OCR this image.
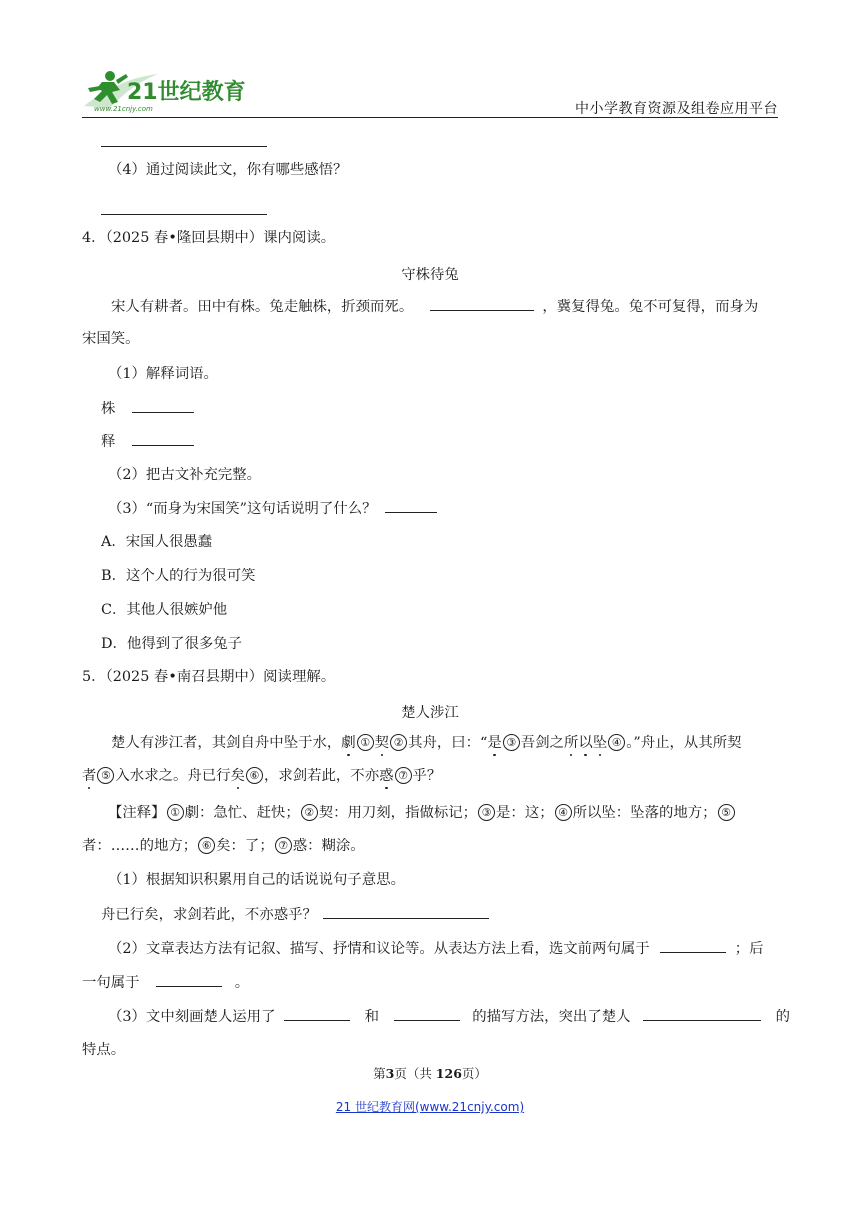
21世纪教育
www.21cnjy.com	中小学教育资源及组卷应用平台
（4）通过阅读此文，你有哪些感悟？
4．（2025 春•隆回县期中）课内阅读。
守株待兔
宋人有耕者。田中有株。兔走触株，折颈而死。	，冀复得兔。兔不可复得，而身为
宋国笑。
（1）解释词语。
株
释
（2）把古文补充完整。
（3）“而身为宋国笑”这句话说明了什么？
A．宋国人很愚蠢
B．这个人的行为很可笑
C．其他人很嫉妒他
D．他得到了很多兔子
5．（2025 春•南召县期中）阅读理解。
楚人涉江
楚人有涉江者，其剑自舟中坠于水，劇 ① 契 ② 其舟，曰：“是 ③ 吾剑之所以坠 ④ 。”舟止，从其所契
者 ⑤ 入水求之。舟已行矣 ⑥ ，求剑若此，不亦惑 ⑦ 乎？
【注释】 ① 劇：急忙、赶快； ② 契：用刀刻，指做标记； ③ 是：这； ④ 所以坠：坠落的地方； ⑤
者：……的地方； ⑥ 矣：了； ⑦ 惑：糊涂。
（1）根据知识积累用自己的话说说句子意思。
舟已行矣，求剑若此，不亦惑乎？
（2）文章表达方法有记叙、描写、抒情和议论等。从表达方法上看，选文前两句属于	；后
一句属于	。
（3）文中刻画楚人运用了	和	的描写方法，突出了楚人	的
特点。
第3页（共 126页）
21 世纪教育网(www.21cnjy.com)
